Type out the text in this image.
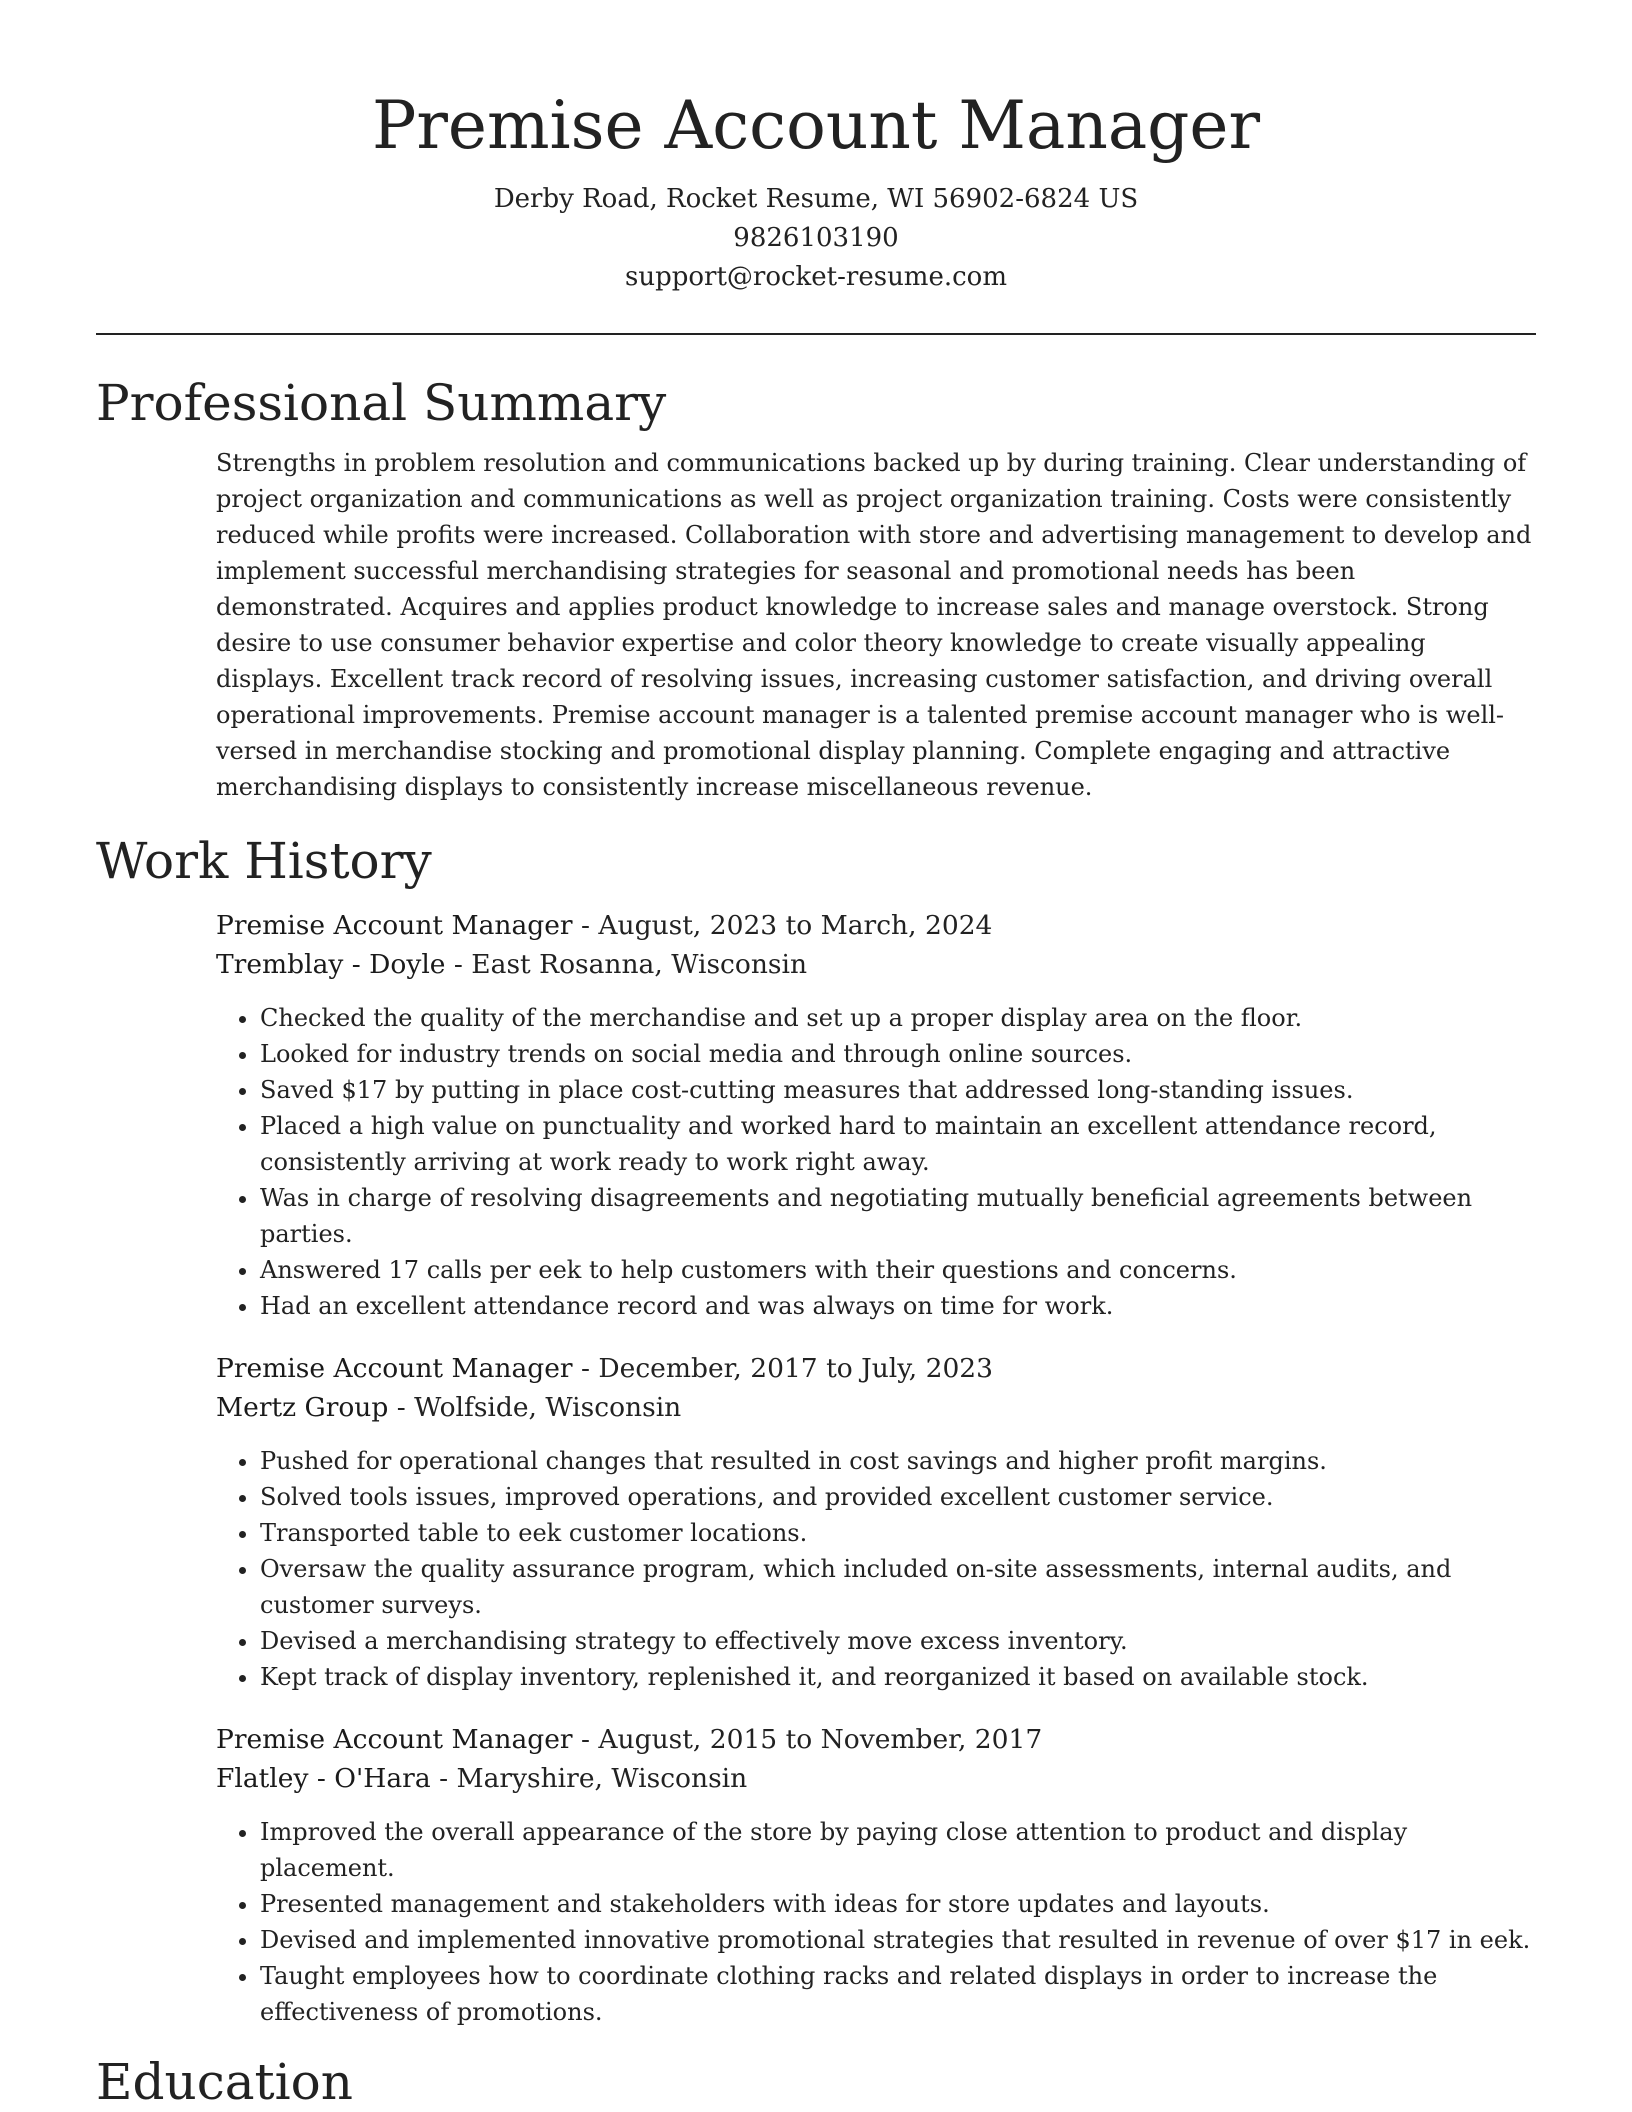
Premise Account Manager
Derby Road, Rocket Resume, WI 56902-6824 US
9826103190
support@rocket-resume.com
Professional Summary

Strengths in problem resolution and communications backed up by during training. Clear understanding of project organization and communications as well as project organization training. Costs were consistently reduced while profits were increased. Collaboration with store and advertising management to develop and implement successful merchandising strategies for seasonal and promotional needs has been demonstrated. Acquires and applies product knowledge to increase sales and manage overstock. Strong desire to use consumer behavior expertise and color theory knowledge to create visually appealing displays. Excellent track record of resolving issues, increasing customer satisfaction, and driving overall operational improvements. Premise account manager is a talented premise account manager who is well-versed in merchandise stocking and promotional display planning. Complete engaging and attractive merchandising displays to consistently increase miscellaneous revenue.

Work History
Premise Account Manager - August, 2023 to March, 2024
Tremblay - Doyle - East Rosanna, Wisconsin
• Checked the quality of the merchandise and set up a proper display area on the floor.
• Looked for industry trends on social media and through online sources.
• Saved $17 by putting in place cost-cutting measures that addressed long-standing issues.
• Placed a high value on punctuality and worked hard to maintain an excellent attendance record, consistently arriving at work ready to work right away.
• Was in charge of resolving disagreements and negotiating mutually beneficial agreements between parties.
• Answered 17 calls per eek to help customers with their questions and concerns.
• Had an excellent attendance record and was always on time for work.
Premise Account Manager - December, 2017 to July, 2023
Mertz Group - Wolfside, Wisconsin
• Pushed for operational changes that resulted in cost savings and higher profit margins.
• Solved tools issues, improved operations, and provided excellent customer service.
• Transported table to eek customer locations.
• Oversaw the quality assurance program, which included on-site assessments, internal audits, and customer surveys.
• Devised a merchandising strategy to effectively move excess inventory.
• Kept track of display inventory, replenished it, and reorganized it based on available stock.
Premise Account Manager - August, 2015 to November, 2017
Flatley - O'Hara - Maryshire, Wisconsin
• Improved the overall appearance of the store by paying close attention to product and display placement.
• Presented management and stakeholders with ideas for store updates and layouts.
• Devised and implemented innovative promotional strategies that resulted in revenue of over $17 in eek.
• Taught employees how to coordinate clothing racks and related displays in order to increase the effectiveness of promotions.
Education
